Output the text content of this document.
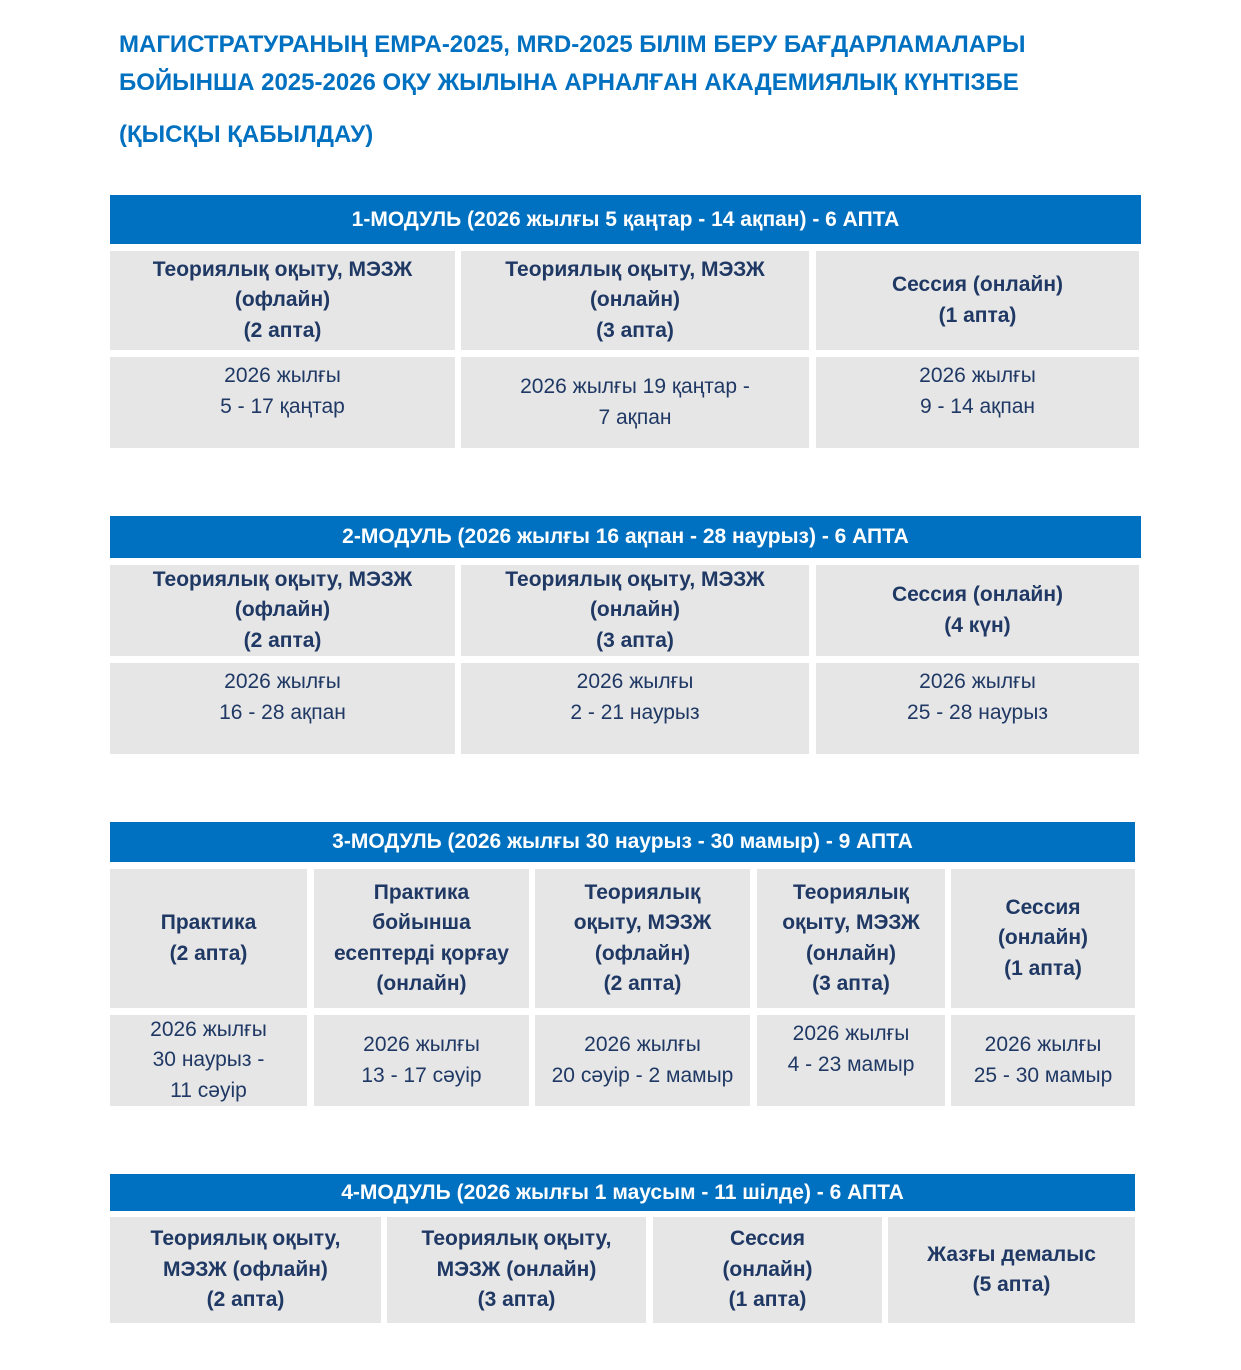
МАГИСТРАТУРАНЫҢ EMPA-2025, MRD-2025 БІЛІМ БЕРУ БАҒДАРЛАМАЛАРЫ БОЙЫНША 2025-2026 ОҚУ ЖЫЛЫНА АРНАЛҒАН АКАДЕМИЯЛЫҚ КҮНТІЗБЕ
(ҚЫСҚЫ ҚАБЫЛДАУ)
1-МОДУЛЬ (2026 жылғы 5 қаңтар - 14 ақпан) - 6 АПТА
Теориялық оқыту, МЭЗЖ
(офлайн)
(2 апта)
Теориялық оқыту, МЭЗЖ
(онлайн)
(3 апта)
Сессия (онлайн)
(1 апта)
2026 жылғы
5 - 17 қаңтар
2026 жылғы 19 қаңтар -
7 ақпан
2026 жылғы
9 - 14 ақпан
2-МОДУЛЬ (2026 жылғы 16 ақпан - 28 наурыз) - 6 АПТА
Теориялық оқыту, МЭЗЖ
(офлайн)
(2 апта)
Теориялық оқыту, МЭЗЖ
(онлайн)
(3 апта)
Сессия (онлайн)
(4 күн)
2026 жылғы
16 - 28 ақпан
2026 жылғы
2 - 21 наурыз
2026 жылғы
25 - 28 наурыз
3-МОДУЛЬ (2026 жылғы 30 наурыз - 30 мамыр) - 9 АПТА
Практика
(2 апта)
Практика
бойынша
есептерді қорғау
(онлайн)
Теориялық
оқыту, МЭЗЖ
(офлайн)
(2 апта)
Теориялық
оқыту, МЭЗЖ
(онлайн)
(3 апта)
Сессия
(онлайн)
(1 апта)
2026 жылғы
30 наурыз -
11 сәуір
2026 жылғы
13 - 17 сәуір
2026 жылғы
20 сәуір - 2 мамыр
2026 жылғы
4 - 23 мамыр
2026 жылғы
25 - 30 мамыр
4-МОДУЛЬ (2026 жылғы 1 маусым - 11 шілде) - 6 АПТА
Теориялық оқыту,
МЭЗЖ (офлайн)
(2 апта)
Теориялық оқыту,
МЭЗЖ (онлайн)
(3 апта)
Сессия
(онлайн)
(1 апта)
Жазғы демалыс
(5 апта)
